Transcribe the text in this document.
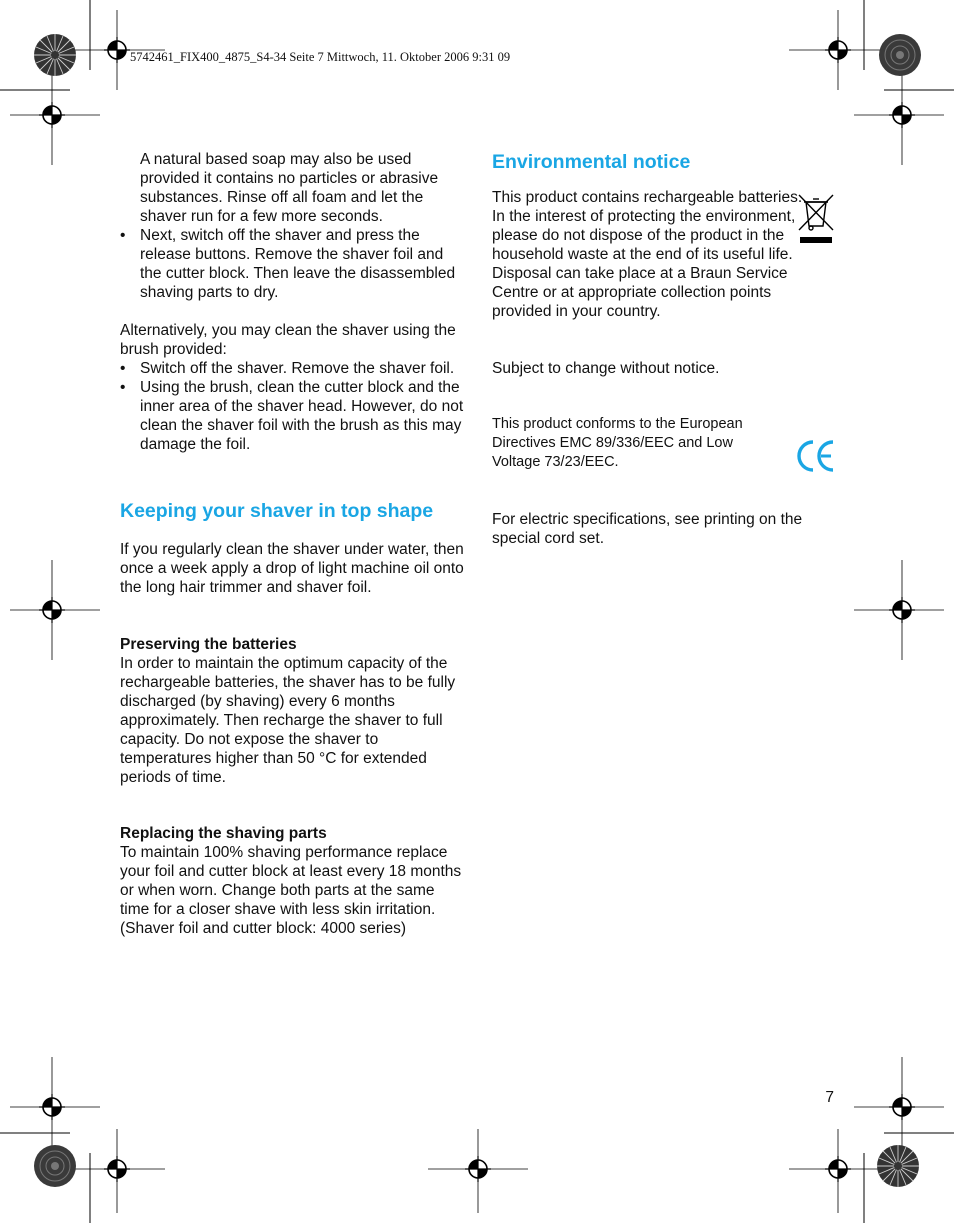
5742461_FIX400_4875_S4-34 Seite 7 Mittwoch, 11. Oktober 2006 9:31 09

A natural based soap may also be used provided it contains no particles or abrasive substances. Rinse off all foam and let the shaver run for a few more seconds.

• Next, switch off the shaver and press the release buttons. Remove the shaver foil and the cutter block. Then leave the disassembled shaving parts to dry.

Alternatively, you may clean the shaver using the brush provided:

• Switch off the shaver. Remove the shaver foil.
• Using the brush, clean the cutter block and the inner area of the shaver head. However, do not clean the shaver foil with the brush as this may damage the foil.
Keeping your shaver in top shape

If you regularly clean the shaver under water, then once a week apply a drop of light machine oil onto the long hair trimmer and shaver foil.

Preserving the batteries

In order to maintain the optimum capacity of the rechargeable batteries, the shaver has to be fully discharged (by shaving) every 6 months approximately. Then recharge the shaver to full capacity. Do not expose the shaver to temperatures higher than 50 °C for extended periods of time.

Replacing the shaving parts

To maintain 100% shaving performance replace your foil and cutter block at least every 18 months or when worn. Change both parts at the same time for a closer shave with less skin irritation.

(Shaver foil and cutter block: 4000 series)

Environmental notice

This product contains rechargeable batteries. In the interest of protecting the environment, please do not dispose of the product in the household waste at the end of its useful life. Disposal can take place at a Braun Service Centre or at appropriate collection points provided in your country.

Subject to change without notice.

This product conforms to the European Directives EMC 89/336/EEC and Low Voltage 73/23/EEC.

For electric specifications, see printing on the special cord set.

7
